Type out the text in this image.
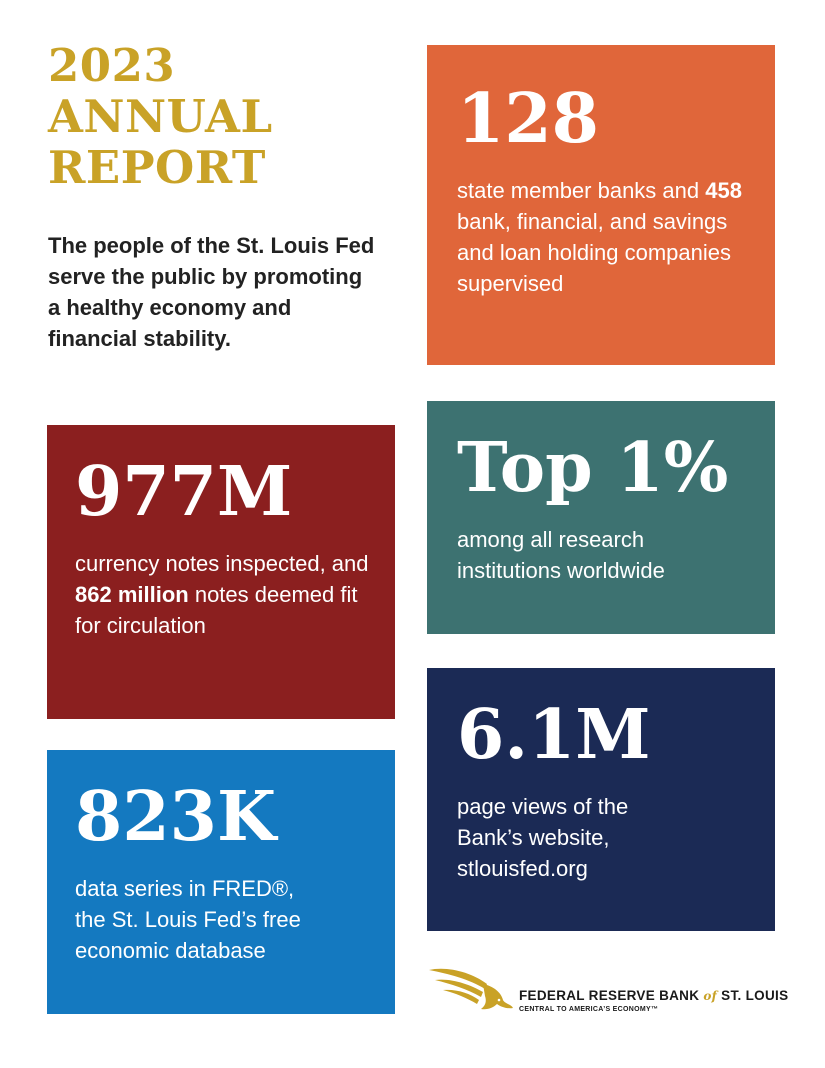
2023
ANNUAL
REPORT
The people of the St. Louis Fed serve the public by promoting a healthy economy and financial stability.
128
state member banks and 458 bank, financial, and savings and loan holding companies supervised
977M
currency notes inspected, and 862 million notes deemed fit for circulation
Top 1%
among all research institutions worldwide
823K
data series in FRED®,
the St. Louis Fed’s free economic database
6.1M
page views of the
Bank’s website,
stlouisfed.org
FEDERAL RESERVE BANK of ST. LOUIS
CENTRAL TO AMERICA’S ECONOMY™
